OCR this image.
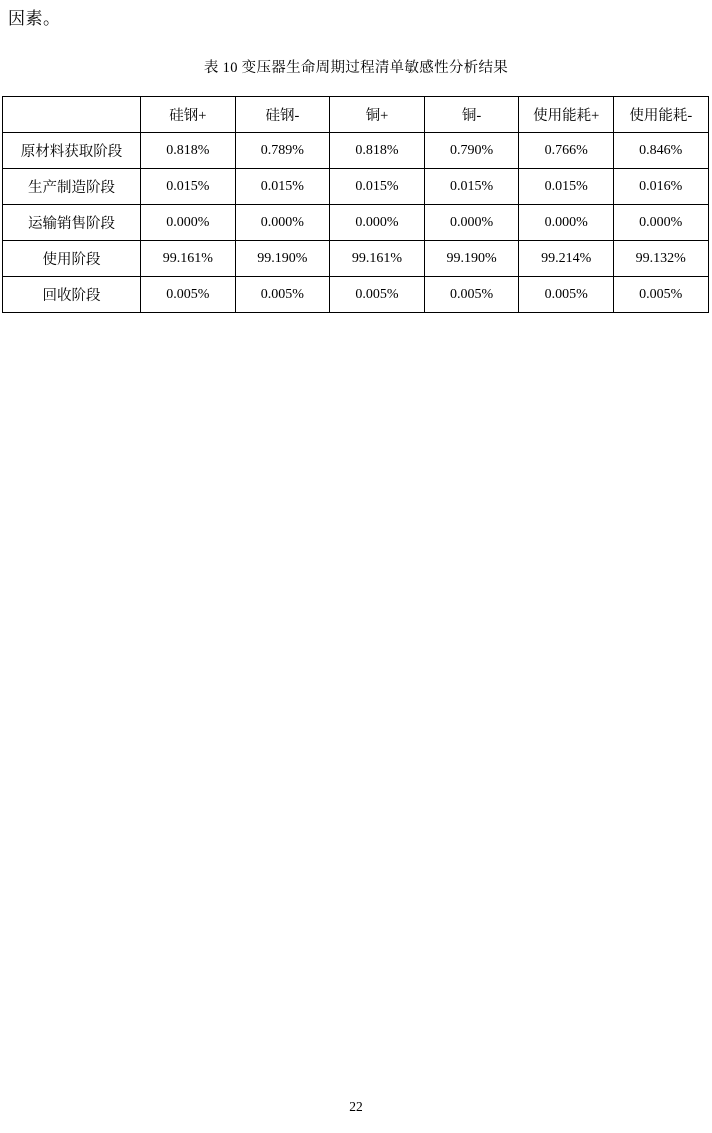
因素。
表 10 变压器生命周期过程清单敏感性分析结果
	硅钢+	硅钢-	铜+	铜-	使用能耗+	使用能耗-
原材料获取阶段	0.818%	0.789%	0.818%	0.790%	0.766%	0.846%
生产制造阶段	0.015%	0.015%	0.015%	0.015%	0.015%	0.016%
运输销售阶段	0.000%	0.000%	0.000%	0.000%	0.000%	0.000%
使用阶段	99.161%	99.190%	99.161%	99.190%	99.214%	99.132%
回收阶段	0.005%	0.005%	0.005%	0.005%	0.005%	0.005%
22
